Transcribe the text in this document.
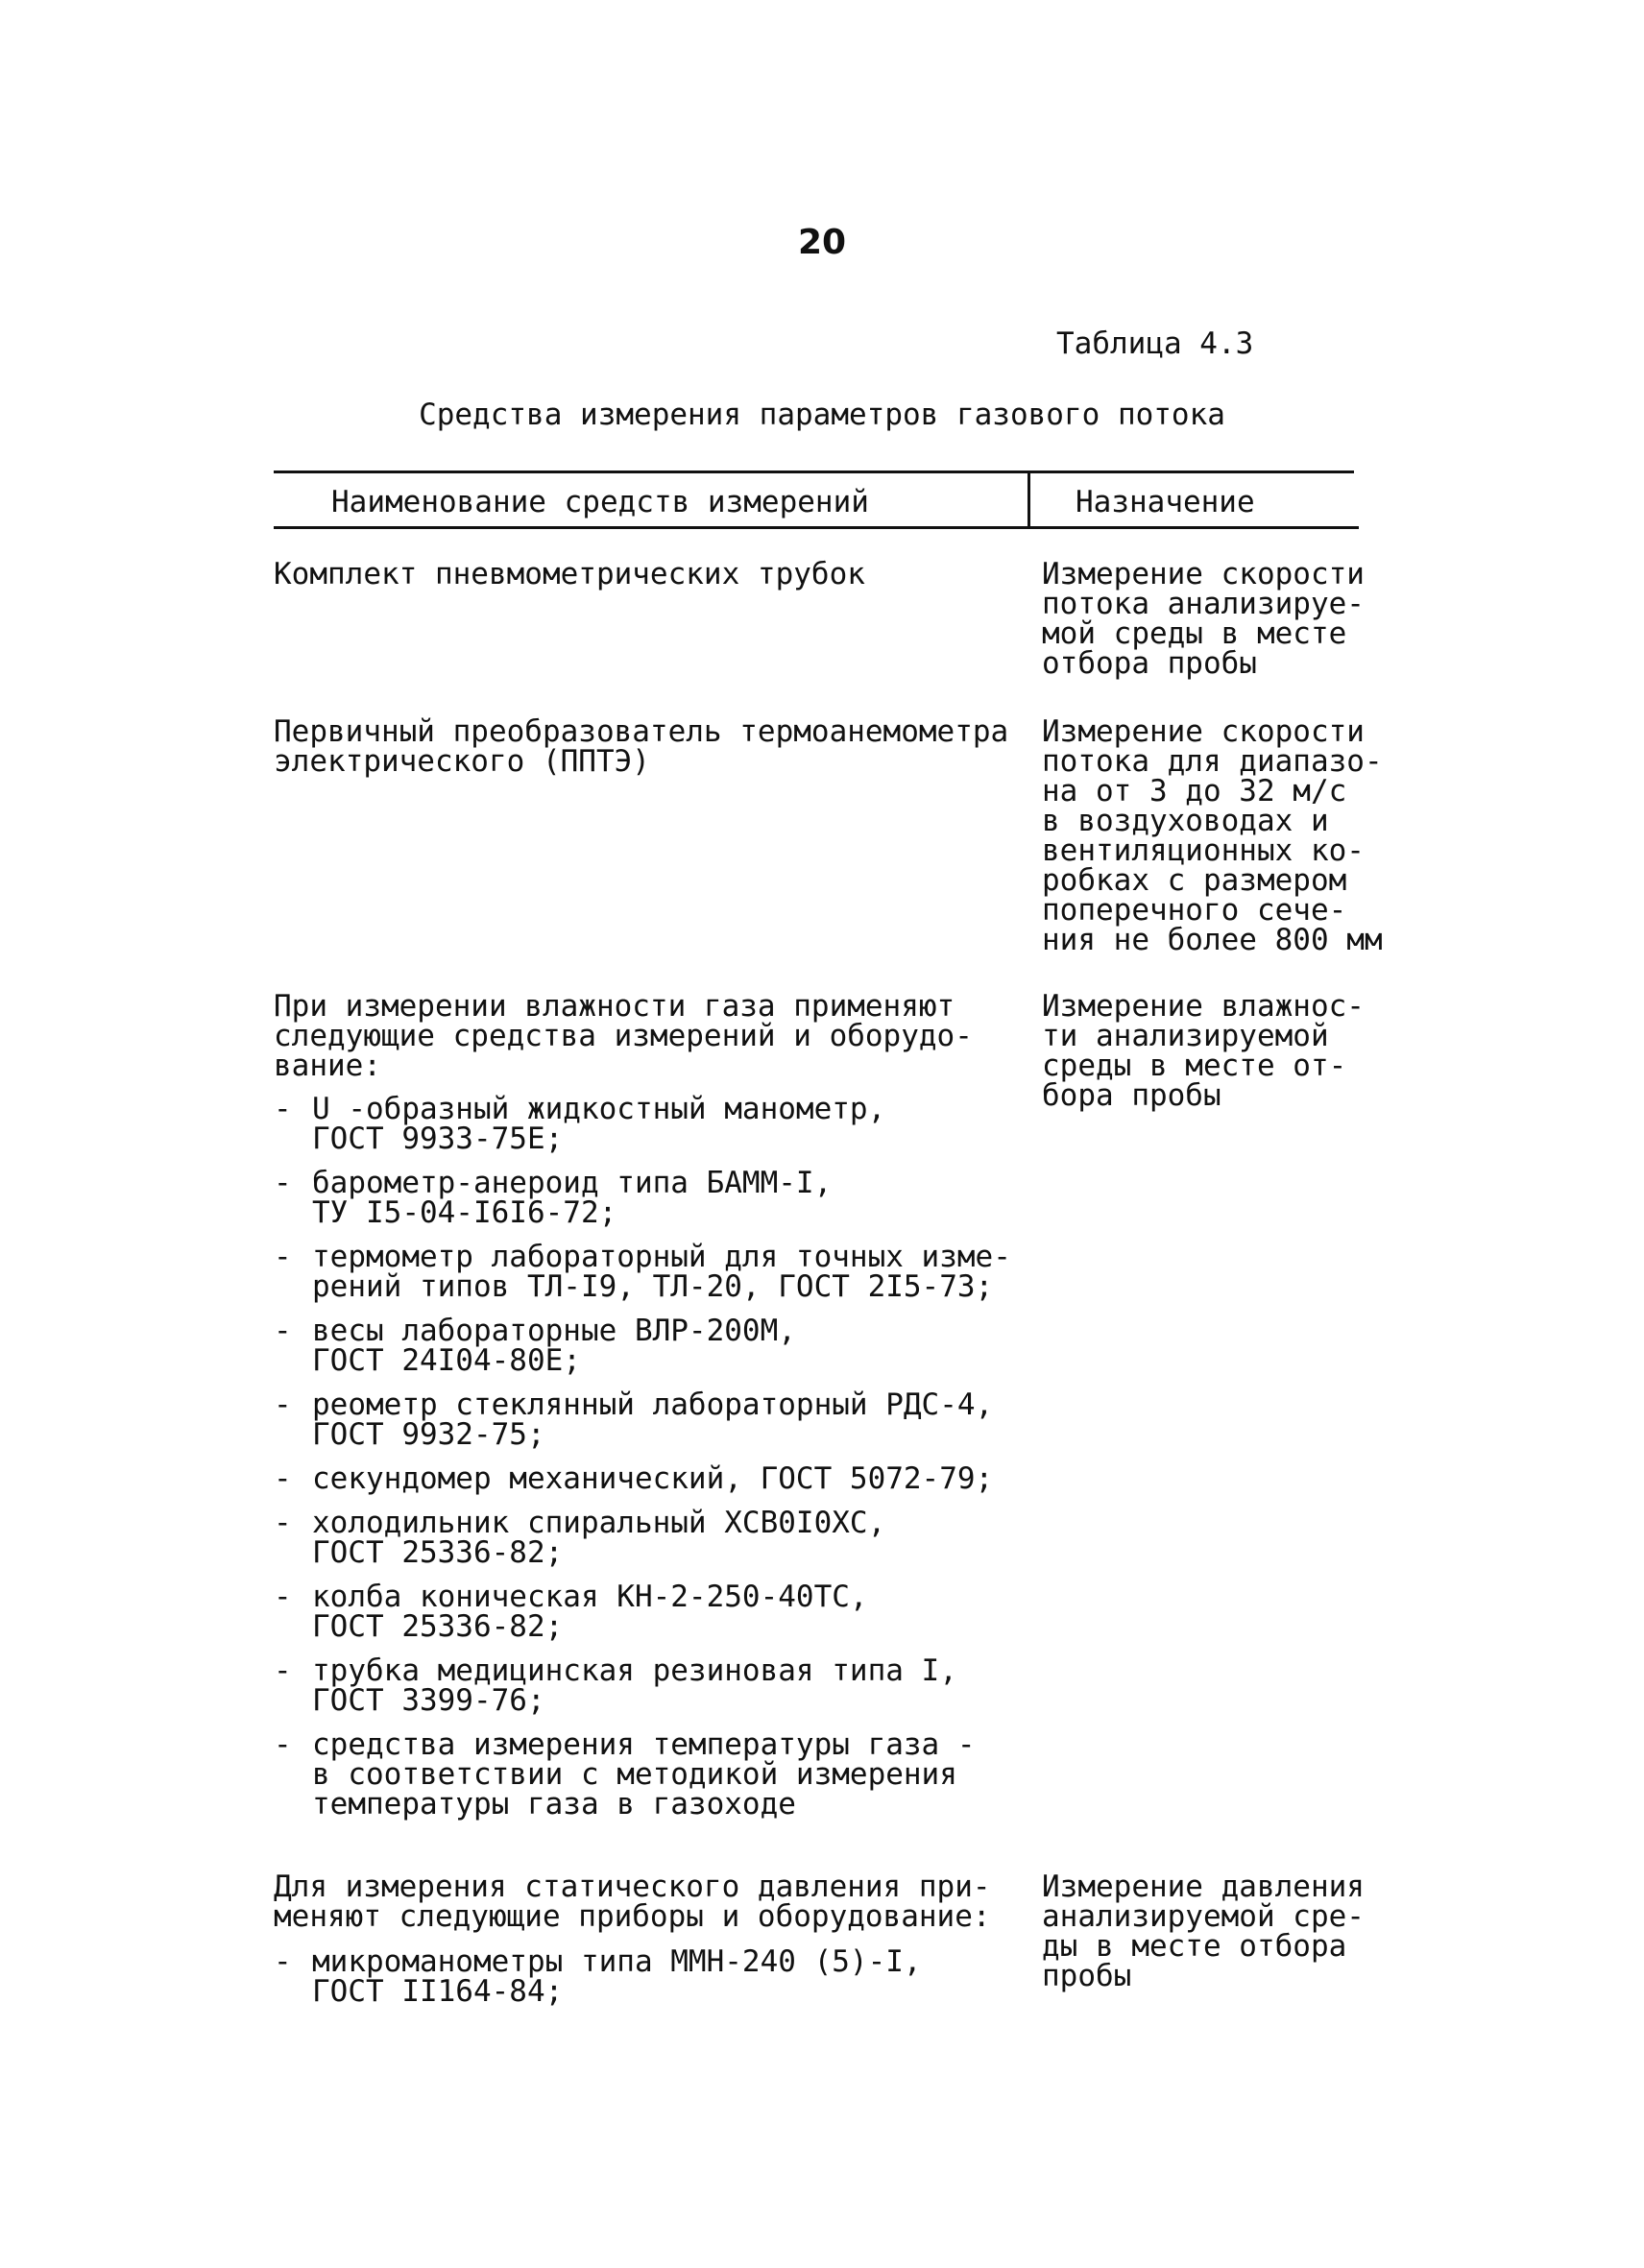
20
Таблица 4.3
Средства измерения параметров газового потока
Наименование средств измерений	Назначение
Комплект пневмометрических трубок	Измерение скорости
потока анализируе-
мой среды в месте
отбора пробы
Первичный преобразователь термоанемометра
электрического (ППТЭ)
Измерение скорости
потока для диапазо-
на от 3 до 32 м/с
в воздуховодах и
вентиляционных ко-
робках с размером
поперечного сече-
ния не более 800 мм
При измерении влажности газа применяют
следующие средства измерений и оборудо-
вание:
Измерение влажнос-
ти анализируемой
среды в месте от-
бора пробы
- U -образный жидкостный манометр,
ГОСТ 9933-75Е;
- барометр-анероид типа БАММ-I,
ТУ I5-04-I6I6-72;
- термометр лабораторный для точных изме-
рений типов ТЛ-I9, ТЛ-20, ГОСТ 2I5-73;
- весы лабораторные ВЛР-200М,
ГОСТ 24I04-80Е;
- реометр стеклянный лабораторный РДС-4,
ГОСТ 9932-75;
- секундомер механический, ГОСТ 5072-79;
- холодильник спиральный ХСВ0I0ХС,
ГОСТ 25336-82;
- колба коническая КН-2-250-40ТС,
ГОСТ 25336-82;
- трубка медицинская резиновая типа I,
ГОСТ 3399-76;
- средства измерения температуры газа -
в соответствии с методикой измерения
температуры газа в газоходе
Для измерения статического давления при-
меняют следующие приборы и оборудование:
Измерение давления
анализируемой сре-
ды в месте отбора
пробы
- микроманометры типа ММН-240 (5)-I,
ГОСТ II164-84;
